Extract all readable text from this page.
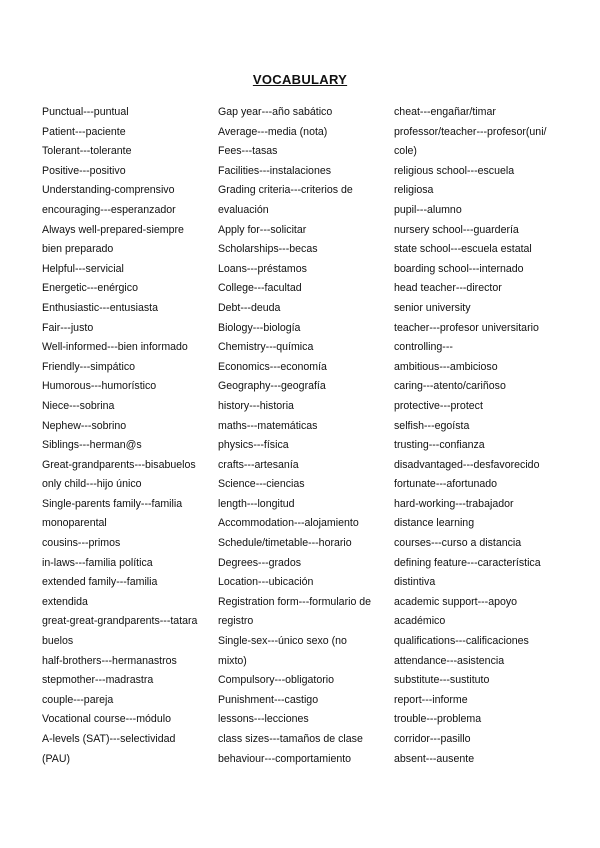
VOCABULARY
Punctual---puntual
Patient---paciente
Tolerant---tolerante
Positive---positivo
Understanding-comprensivo
encouraging---esperanzador
Always well-prepared-siempre
bien preparado
Helpful---servicial
Energetic---enérgico
Enthusiastic---entusiasta
Fair---justo
Well-informed---bien informado
Friendly---simpático
Humorous---humorístico
Niece---sobrina
Nephew---sobrino
Siblings---herman@s
Great-grandparents---bisabuelos
only child---hijo único
Single-parents family---familia
monoparental
cousins---primos
in-laws---familia política
extended family---familia
extendida
great-great-grandparents---tatara
buelos
half-brothers---hermanastros
stepmother---madrastra
couple---pareja
Vocational course---módulo
A-levels (SAT)---selectividad
(PAU)
Gap year---año sabático
Average---media (nota)
Fees---tasas
Facilities---instalaciones
Grading criteria---criterios de
evaluación
Apply for---solicitar
Scholarships---becas
Loans---préstamos
College---facultad
Debt---deuda
Biology---biología
Chemistry---química
Economics---economía
Geography---geografía
history---historia
maths---matemáticas
physics---física
crafts---artesanía
Science---ciencias
length---longitud
Accommodation---alojamiento
Schedule/timetable---horario
Degrees---grados
Location---ubicación
Registration form---formulario de
registro
Single-sex---único sexo (no
mixto)
Compulsory---obligatorio
Punishment---castigo
lessons---lecciones
class sizes---tamaños de clase
behaviour---comportamiento
cheat---engañar/timar
professor/teacher---profesor(uni/
cole)
religious school---escuela
religiosa
pupil---alumno
nursery school---guardería
state school---escuela estatal
boarding school---internado
head teacher---director
senior university
teacher---profesor universitario
controlling---
ambitious---ambicioso
caring---atento/cariñoso
protective---protect
selfish---egoísta
trusting---confianza
disadvantaged---desfavorecido
fortunate---afortunado
hard-working---trabajador
distance learning
courses---curso a distancia
defining feature---característica
distintiva
academic support---apoyo
académico
qualifications---calificaciones
attendance---asistencia
substitute---sustituto
report---informe
trouble---problema
corridor---pasillo
absent---ausente
